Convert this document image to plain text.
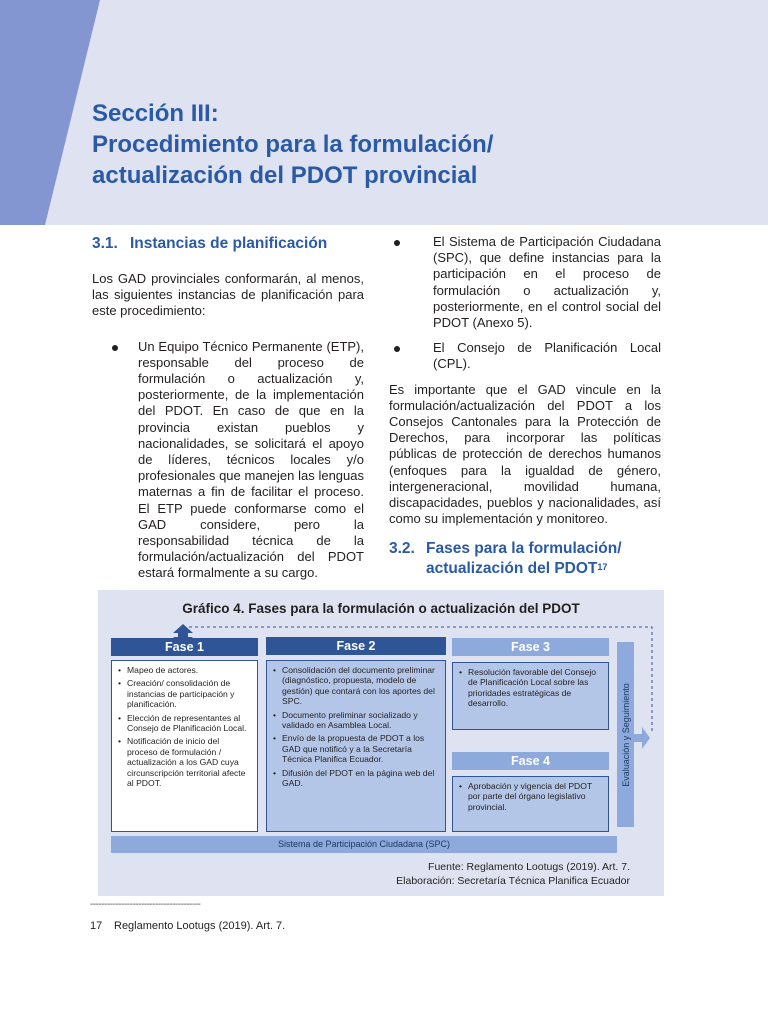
Sección III:
Procedimiento para la formulación/
actualización del PDOT provincial
3.1. Instancias de planificación

Los GAD provinciales conformarán, al menos, las siguientes instancias de planificación para este procedimiento:

Un Equipo Técnico Permanente (ETP), responsable del proceso de formulación o actualización y, posteriormente, de la implementación del PDOT. En caso de que en la provincia existan pueblos y nacionalidades, se solicitará el apoyo de líderes, técnicos locales y/o profesionales que manejen las lenguas maternas a fin de facilitar el proceso. El ETP puede conformarse como el GAD considere, pero la responsabilidad técnica de la formulación/actualización del PDOT estará formalmente a su cargo.
El Sistema de Participación Ciudadana (SPC), que define instancias para la participación en el proceso de formulación o actualización y, posteriormente, en el control social del PDOT (Anexo 5).
El Consejo de Planificación Local (CPL).

Es importante que el GAD vincule en la formulación/actualización del PDOT a los Consejos Cantonales para la Protección de Derechos, para incorporar las políticas públicas de protección de derechos humanos (enfoques para la igualdad de género, intergeneracional, movilidad humana, discapacidades, pueblos y nacionalidades, así como su implementación y monitoreo.

3.2. Fases para la formulación/ actualización del PDOT$^{17}$

Gráfico 4. Fases para la formulación o actualización del PDOT

Fase 1	Fase 2	Fase 3
Fase 4
• Mapeo de actores.
• Creación/ consolidación de instancias de participación y planificación.
• Elección de representantes al Consejo de Planificación Local.
• Notificación de inicio del proceso de formulación / actualización a los GAD cuya circunscripción territorial afecte al PDOT.
• Consolidación del documento preliminar (diagnóstico, propuesta, modelo de gestión) que contará con los aportes del SPC.
• Documento preliminar socializado y validado en Asamblea Local.
• Envío de la propuesta de PDOT a los GAD que notificó y a la Secretaría Técnica Planifica Ecuador.
• Difusión del PDOT en la página web del GAD.
• Resolución favorable del Consejo de Planificación Local sobre las prioridades estratégicas de desarrollo.
• Aprobación y vigencia del PDOT por parte del órgano legislativo provincial.
Evaluación y Seguimiento
Sistema de Participación Ciudadana (SPC)
Fuente: Reglamento Lootugs (2019). Art. 7.
Elaboración: Secretaría Técnica Planifica Ecuador
---------------------------------------
17 Reglamento Lootugs (2019). Art. 7.
